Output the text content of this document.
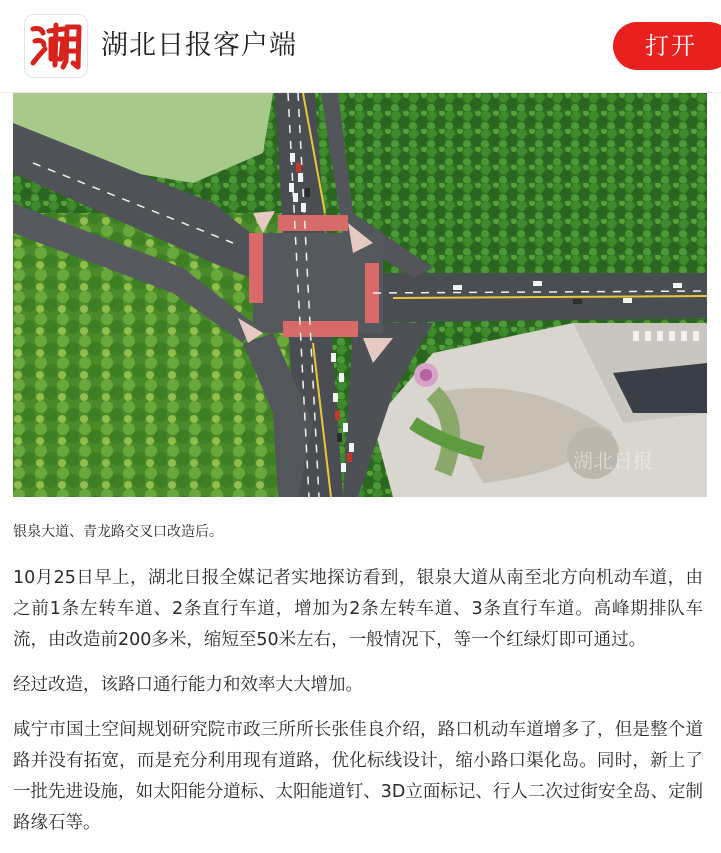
湖北日报客户端	打开
湖北日报
银泉大道、青龙路交叉口改造后。

10月25日早上，湖北日报全媒记者实地探访看到，银泉大道从南至北方向机动车道，由之前1条左转车道、2条直行车道，增加为2条左转车道、3条直行车道。高峰期排队车流，由改造前200多米，缩短至50米左右，一般情况下，等一个红绿灯即可通过。

经过改造，该路口通行能力和效率大大增加。

咸宁市国土空间规划研究院市政三所所长张佳良介绍，路口机动车道增多了，但是整个道路并没有拓宽，而是充分利用现有道路，优化标线设计，缩小路口渠化岛。同时，新上了一批先进设施，如太阳能分道标、太阳能道钉、3D立面标记、行人二次过街安全岛、定制路缘石等。
